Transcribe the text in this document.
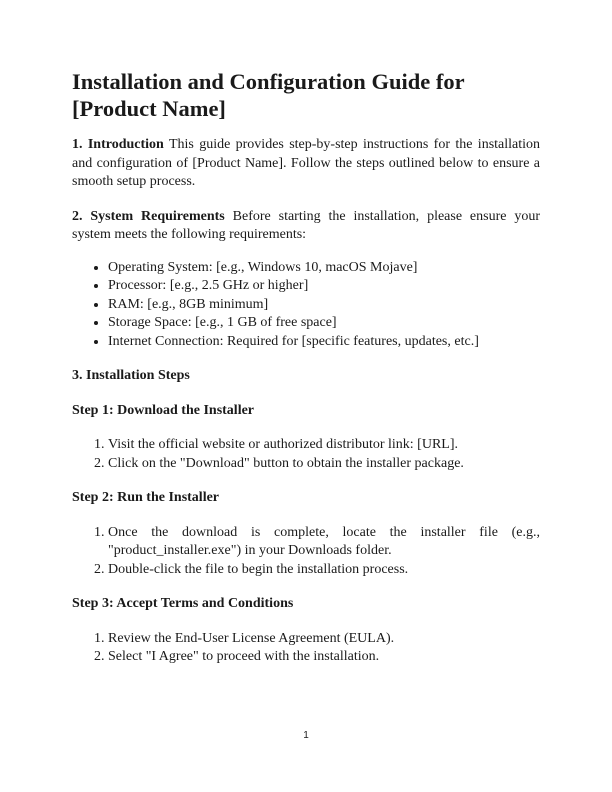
Installation and Configuration Guide for [Product Name]

1. Introduction This guide provides step-by-step instructions for the installation and configuration of [Product Name]. Follow the steps outlined below to ensure a smooth setup process.

2. System Requirements Before starting the installation, please ensure your system meets the following requirements:

• Operating System: [e.g., Windows 10, macOS Mojave]
• Processor: [e.g., 2.5 GHz or higher]
• RAM: [e.g., 8GB minimum]
• Storage Space: [e.g., 1 GB of free space]
• Internet Connection: Required for [specific features, updates, etc.]
3. Installation Steps
Step 1: Download the Installer
1. Visit the official website or authorized distributor link: [URL].
2. Click on the "Download" button to obtain the installer package.
Step 2: Run the Installer
1. Once the download is complete, locate the installer file (e.g., "product_installer.exe") in your Downloads folder.
2. Double-click the file to begin the installation process.
Step 3: Accept Terms and Conditions
1. Review the End-User License Agreement (EULA).
2. Select "I Agree" to proceed with the installation.
1
